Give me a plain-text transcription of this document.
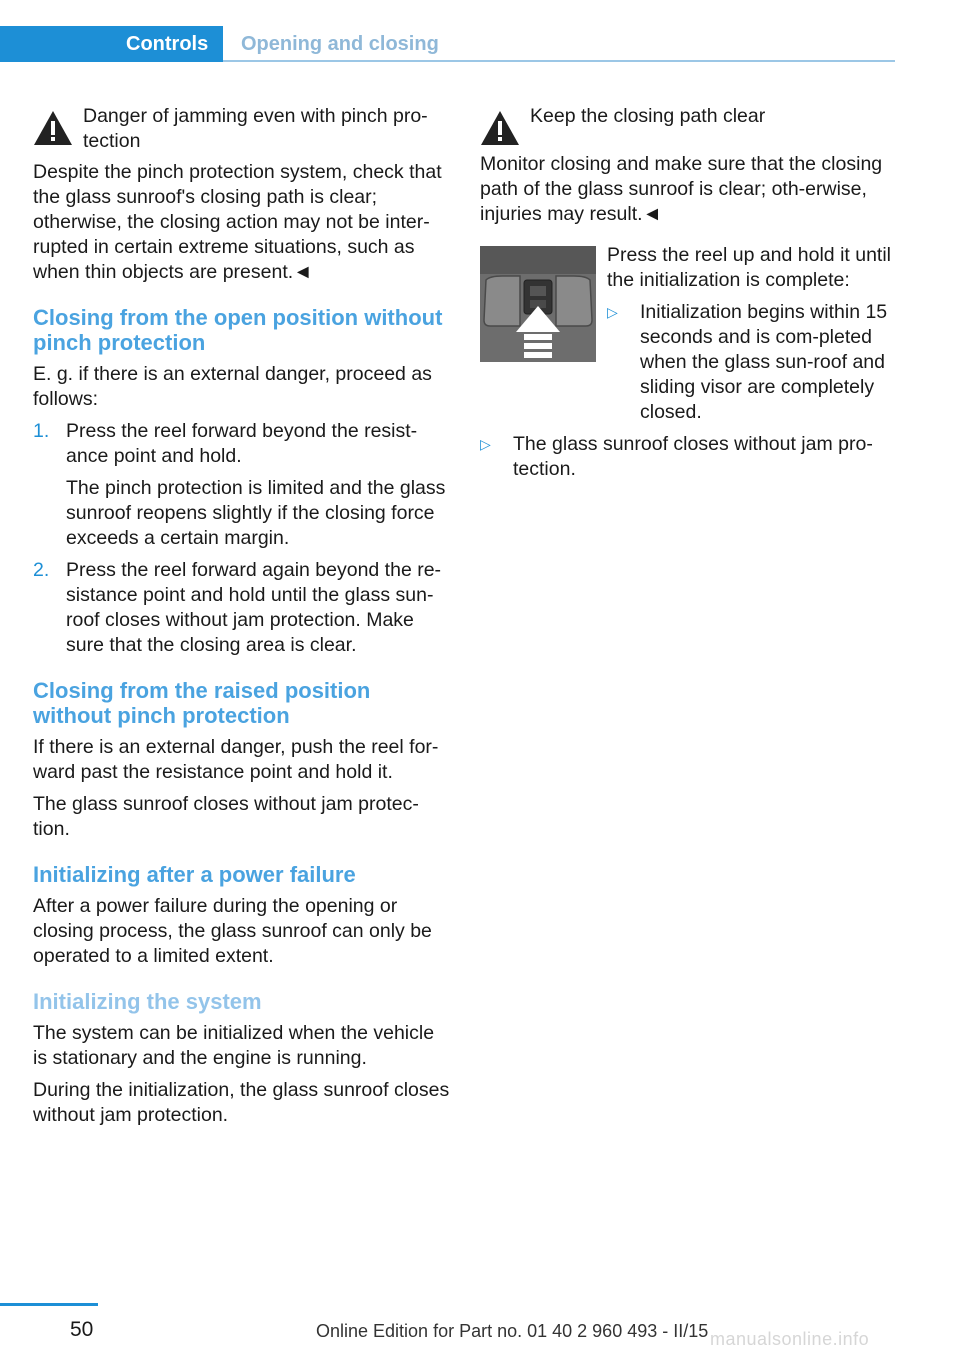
Controls	Opening and closing
Danger of jamming even with pinch pro-tection

Despite the pinch protection system, check that the glass sunroof's closing path is clear; otherwise, the closing action may not be inter-rupted in certain extreme situations, such as when thin objects are present.◄

Closing from the open position without pinch protection

E. g. if there is an external danger, proceed as follows:

1. Press the reel forward beyond the resist-ance point and hold.

The pinch protection is limited and the glass sunroof reopens slightly if the closing force exceeds a certain margin.

2. Press the reel forward again beyond the re-sistance point and hold until the glass sun-roof closes without jam protection. Make sure that the closing area is clear.

Closing from the raised position without pinch protection

If there is an external danger, push the reel for-ward past the resistance point and hold it.

The glass sunroof closes without jam protec-tion.

Initializing after a power failure

After a power failure during the opening or closing process, the glass sunroof can only be operated to a limited extent.

Initializing the system

The system can be initialized when the vehicle is stationary and the engine is running.

During the initialization, the glass sunroof closes without jam protection.

Keep the closing path clear

Monitor closing and make sure that the closing path of the glass sunroof is clear; oth-erwise, injuries may result.◄

Press the reel up and hold it until the initialization is complete:

▷	Initialization begins within 15 seconds and is com-pleted when the glass sun-roof and sliding visor are completely closed.
▷	The glass sunroof closes without jam pro-tection.
50	Online Edition for Part no. 01 40 2 960 493 - II/15 manualsonline.info
